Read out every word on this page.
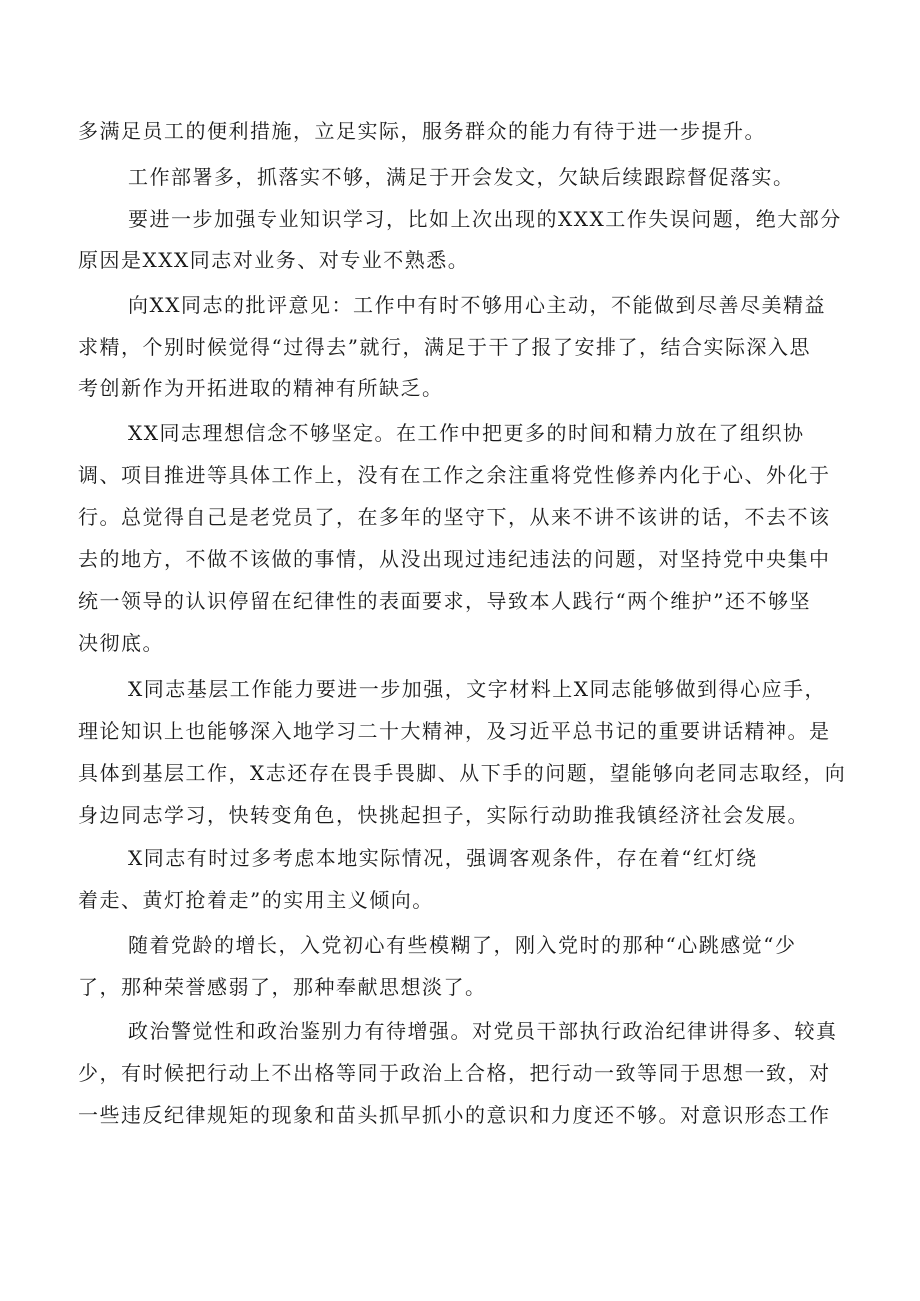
多满足员工的便利措施，立足实际，服务群众的能力有待于进一步提升。

工作部署多，抓落实不够，满足于开会发文，欠缺后续跟踪督促落实。

要进一步加强专业知识学习，比如上次出现的XXX工作失误问题，绝大部分

原因是XXX同志对业务、对专业不熟悉。

向XX同志的批评意见：工作中有时不够用心主动，不能做到尽善尽美精益

求精，个别时候觉得“过得去”就行，满足于干了报了安排了，结合实际深入思

考创新作为开拓进取的精神有所缺乏。

XX同志理想信念不够坚定。在工作中把更多的时间和精力放在了组织协

调、项目推进等具体工作上，没有在工作之余注重将党性修养内化于心、外化于

行。总觉得自己是老党员了，在多年的坚守下，从来不讲不该讲的话，不去不该

去的地方，不做不该做的事情，从没出现过违纪违法的问题，对坚持党中央集中

统一领导的认识停留在纪律性的表面要求，导致本人践行“两个维护”还不够坚

决彻底。

X同志基层工作能力要进一步加强，文字材料上X同志能够做到得心应手，

理论知识上也能够深入地学习二十大精神，及习近平总书记的重要讲话精神。是

具体到基层工作，X志还存在畏手畏脚、从下手的问题，望能够向老同志取经，向

身边同志学习，快转变角色，快挑起担子，实际行动助推我镇经济社会发展。

X同志有时过多考虑本地实际情况，强调客观条件，存在着“红灯绕

着走、黄灯抢着走”的实用主义倾向。

随着党龄的增长，入党初心有些模糊了，刚入党时的那种“心跳感觉“少

了，那种荣誉感弱了，那种奉献思想淡了。

政治警觉性和政治鉴别力有待增强。对党员干部执行政治纪律讲得多、较真

少，有时候把行动上不出格等同于政治上合格，把行动一致等同于思想一致，对

一些违反纪律规矩的现象和苗头抓早抓小的意识和力度还不够。对意识形态工作
